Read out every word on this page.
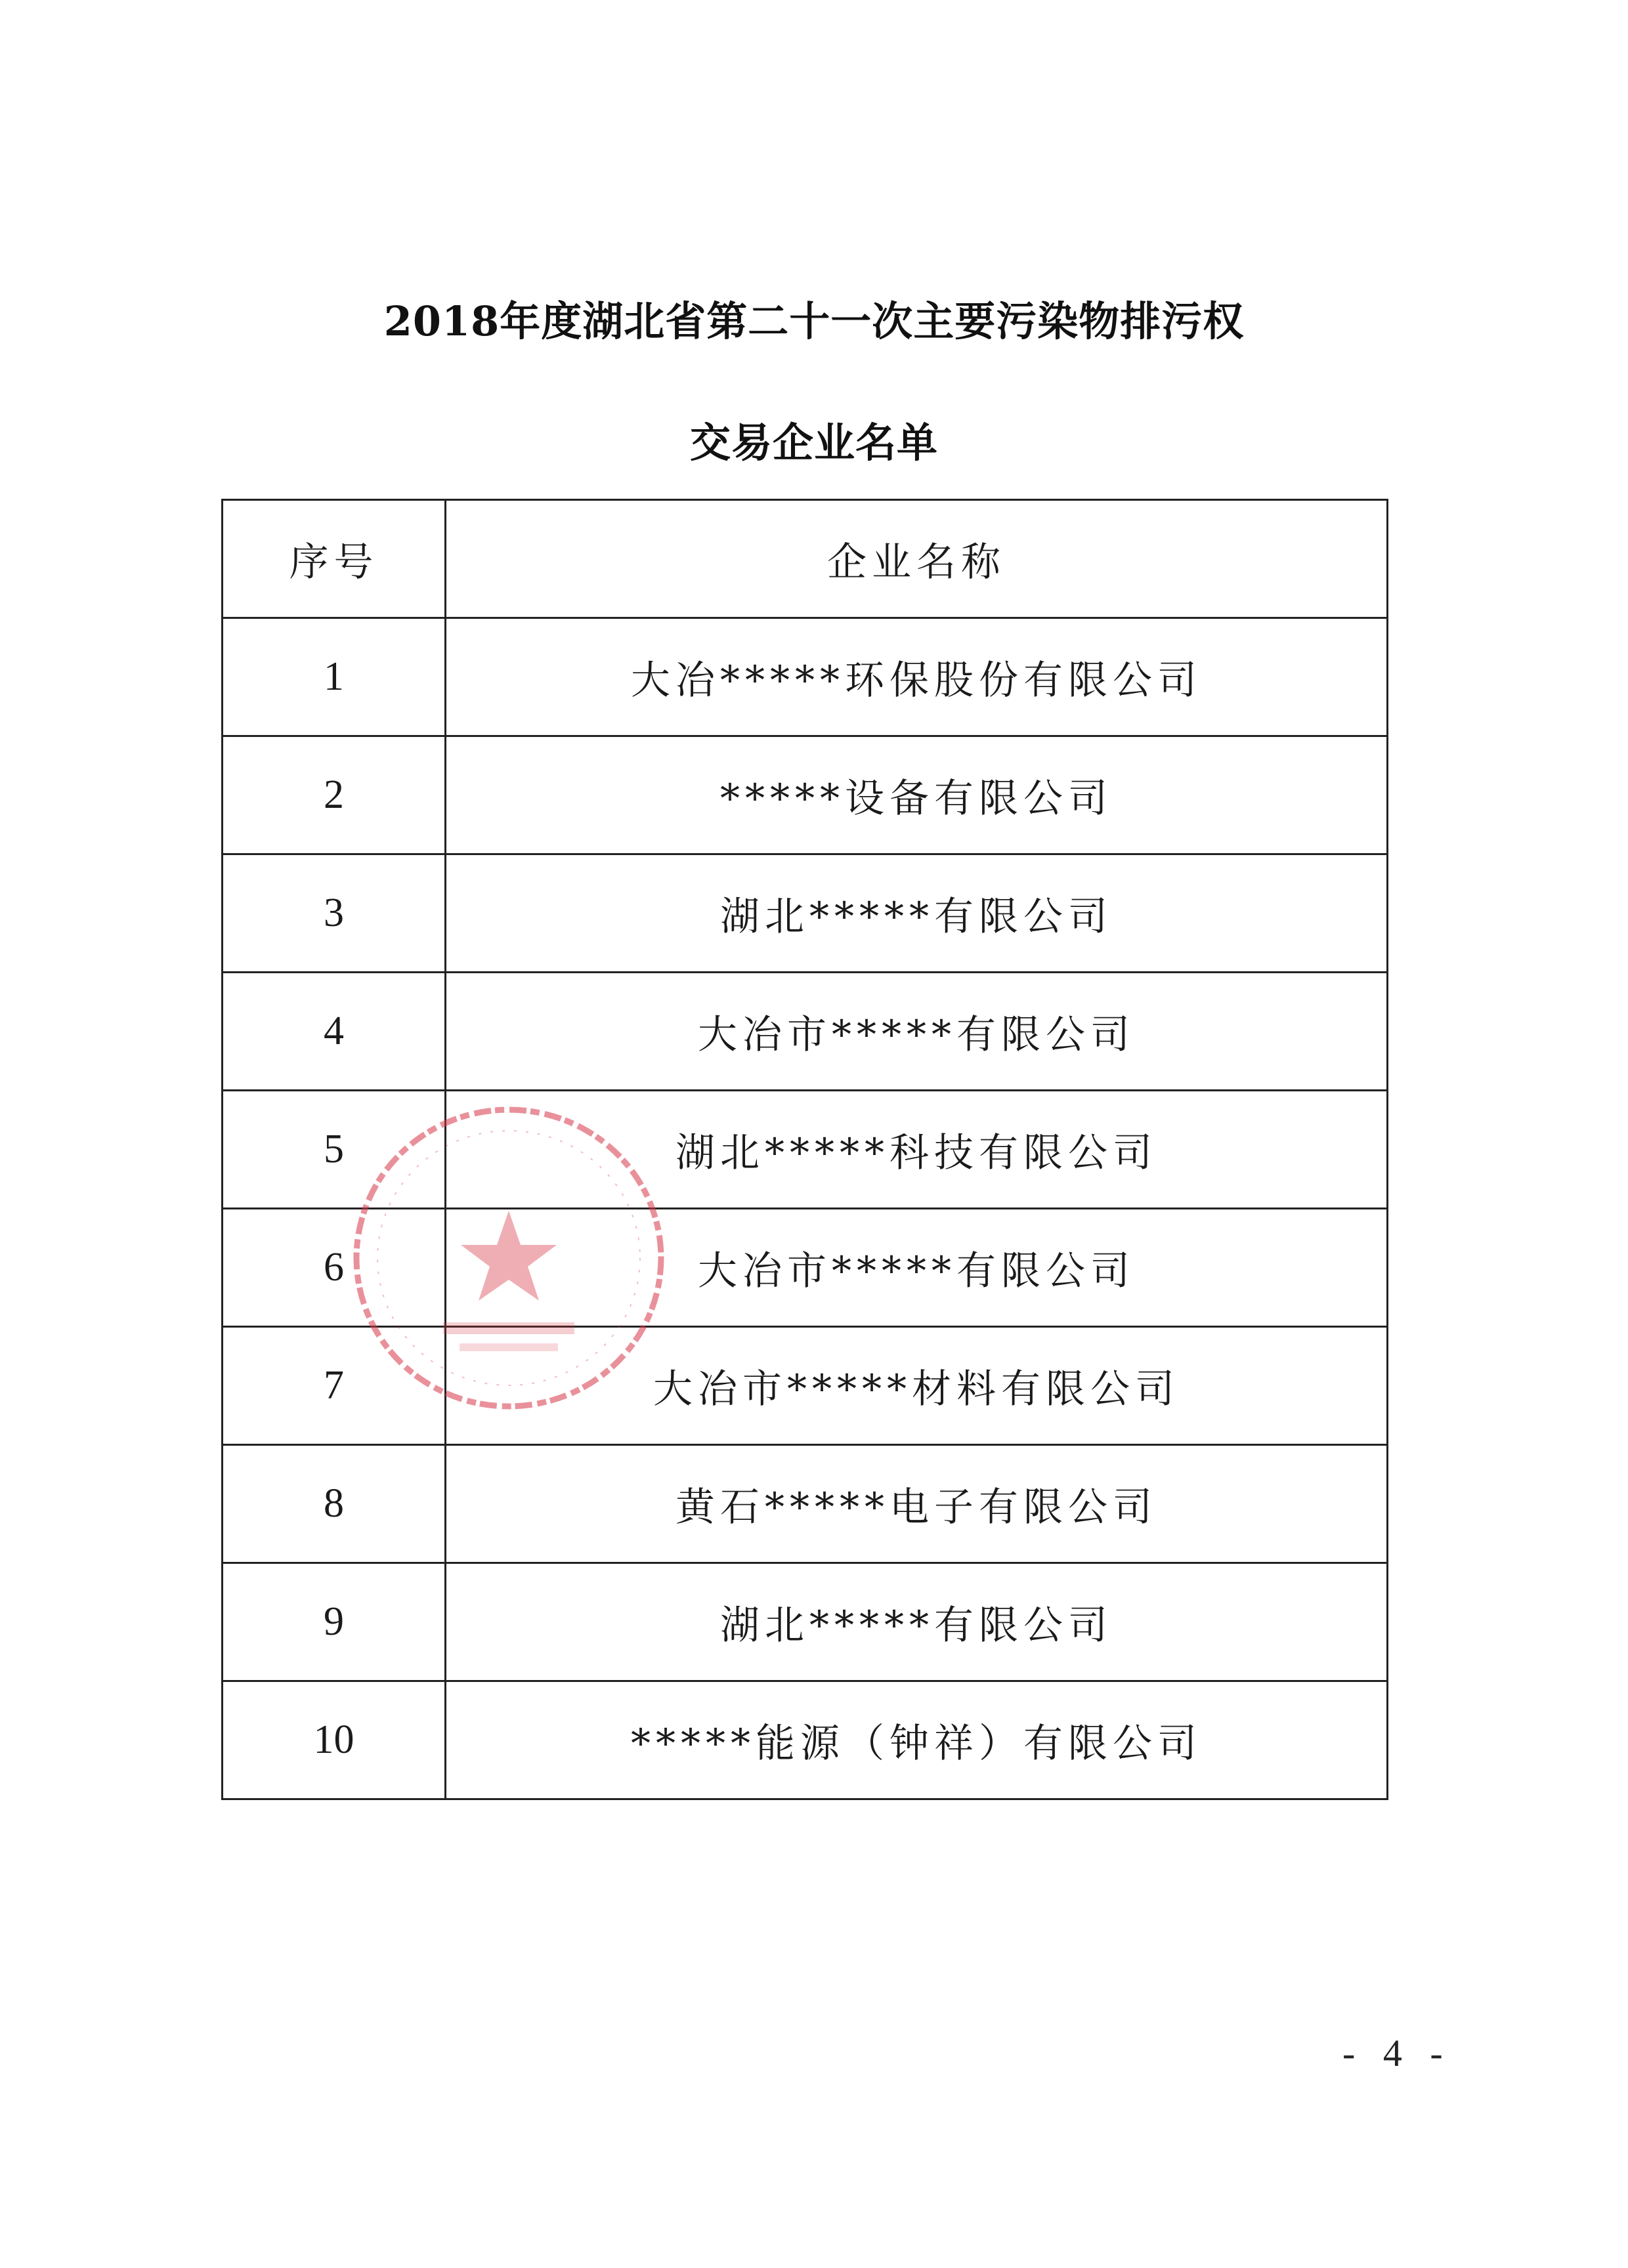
2018年度湖北省第二十一次主要污染物排污权
交易企业名单
序号	企业名称
1	大冶*****环保股份有限公司
2	*****设备有限公司
3	湖北*****有限公司
4	大冶市*****有限公司
5	湖北*****科技有限公司
6	大冶市*****有限公司
7	大冶市*****材料有限公司
8	黄石*****电子有限公司
9	湖北*****有限公司
10	*****能源（钟祥）有限公司
- 4 -
